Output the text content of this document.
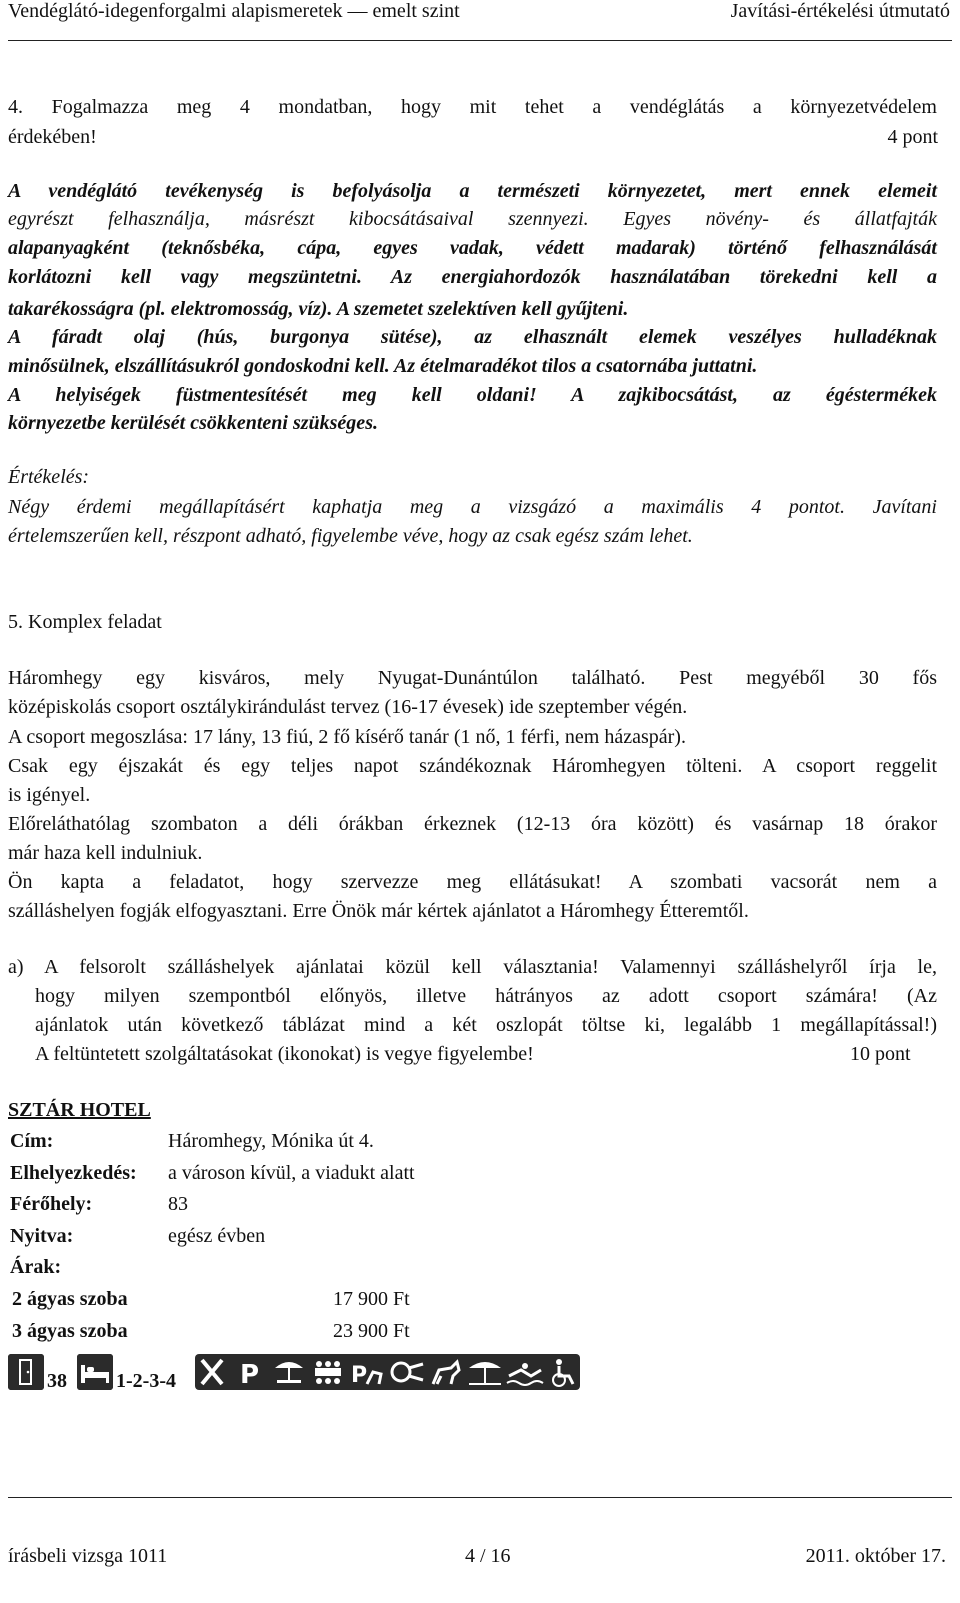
Vendéglátó-idegenforgalmi alapismeretek — emelt szint	Javítási-értékelési útmutató
4. Fogalmazza meg 4 mondatban, hogy mit tehet a vendéglátás a környezetvédelem
érdekében!	4 pont
A vendéglátó tevékenység is befolyásolja a természeti környezetet, mert ennek elemeit
egyrészt felhasználja, másrészt kibocsátásaival szennyezi. Egyes növény- és állatfajták
alapanyagként (teknősbéka, cápa, egyes vadak, védett madarak) történő felhasználását
korlátozni kell vagy megszüntetni. Az energiahordozók használatában törekedni kell a
takarékosságra (pl. elektromosság, víz). A szemetet szelektíven kell gyűjteni.
A fáradt olaj (hús, burgonya sütése), az elhasznált elemek veszélyes hulladéknak
minősülnek, elszállításukról gondoskodni kell. Az ételmaradékot tilos a csatornába juttatni.
A helyiségek füstmentesítését meg kell oldani! A zajkibocsátást, az égéstermékek
környezetbe kerülését csökkenteni szükséges.
Értékelés:
Négy érdemi megállapításért kaphatja meg a vizsgázó a maximális 4 pontot. Javítani
értelemszerűen kell, részpont adható, figyelembe véve, hogy az csak egész szám lehet.
5. Komplex feladat
Háromhegy egy kisváros, mely Nyugat-Dunántúlon található. Pest megyéből 30 fős
középiskolás csoport osztálykirándulást tervez (16-17 évesek) ide szeptember végén.
A csoport megoszlása: 17 lány, 13 fiú, 2 fő kísérő tanár (1 nő, 1 férfi, nem házaspár).
Csak egy éjszakát és egy teljes napot szándékoznak Háromhegyen tölteni. A csoport reggelit
is igényel.
Előreláthatólag szombaton a déli órákban érkeznek (12-13 óra között) és vasárnap 18 órakor
már haza kell indulniuk.
Ön kapta a feladatot, hogy szervezze meg ellátásukat! A szombati vacsorát nem a
szálláshelyen fogják elfogyasztani. Erre Önök már kértek ajánlatot a Háromhegy Étteremtől.
a) A felsorolt szálláshelyek ajánlatai közül kell választania! Valamennyi szálláshelyről írja le,
hogy milyen szempontból előnyös, illetve hátrányos az adott csoport számára! (Az
ajánlatok után következő táblázat mind a két oszlopát töltse ki, legalább 1 megállapítással!)
A feltüntetett szolgáltatásokat (ikonokat) is vegye figyelembe!	10 pont
SZTÁR HOTEL
Cím:	Háromhegy, Mónika út 4.
Elhelyezkedés: a városon kívül, a viadukt alatt
Férőhely:	83
Nyitva:	egész évben
Árak:
2 ágyas szoba	17 900 Ft
3 ágyas szoba	23 900 Ft
38 1-2-3-4 P	P
írásbeli vizsga 1011	4 / 16	2011. október 17.
